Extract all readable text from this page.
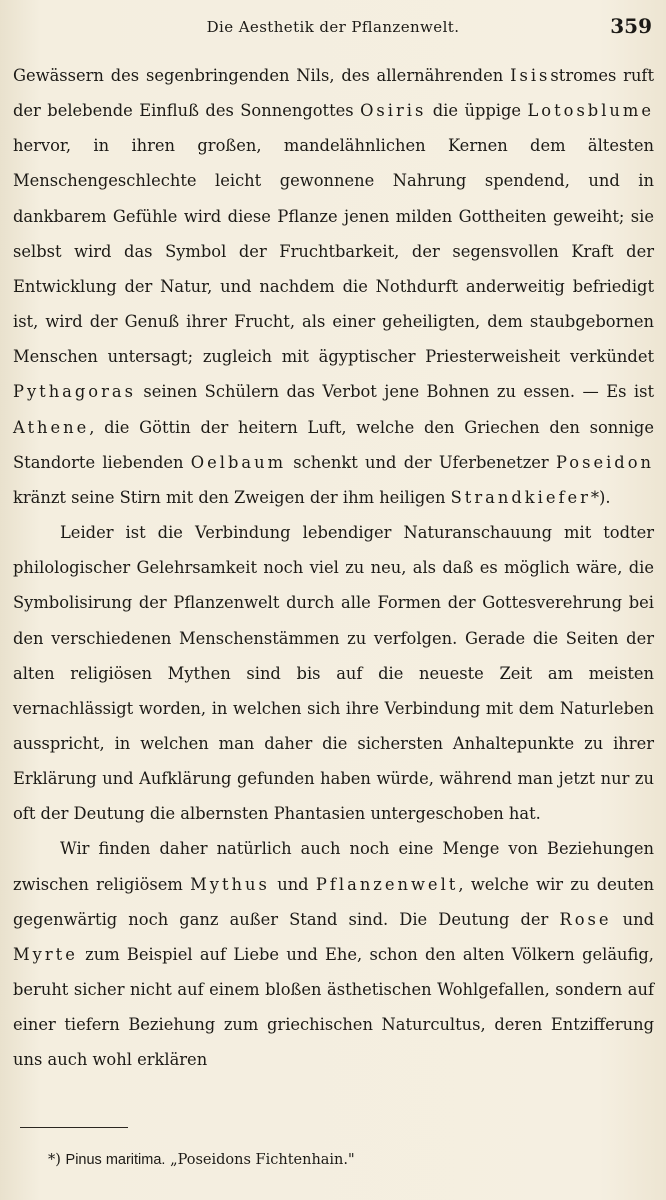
Die Aesthetik der Pflanzenwelt.	359

Gewässern des segenbringenden Nils, des allernährenden Isisstromes ruft der belebende Einfluß des Sonnengottes Osiris die üppige Lotosblume hervor, in ihren großen, mandelähnlichen Kernen dem ältesten Menschengeschlechte leicht gewonnene Nahrung spendend, und in dankbarem Gefühle wird diese Pflanze jenen milden Gottheiten geweiht; sie selbst wird das Symbol der Fruchtbarkeit, der segensvollen Kraft der Entwicklung der Natur, und nachdem die Nothdurft anderweitig befriedigt ist, wird der Genuß ihrer Frucht, als einer geheiligten, dem staubgebornen Menschen untersagt; zugleich mit ägyptischer Priesterweisheit verkündet Pythagoras seinen Schülern das Verbot jene Bohnen zu essen. — Es ist Athene, die Göttin der heitern Luft, welche den Griechen den sonnige Standorte liebenden Oelbaum schenkt und der Uferbenetzer Poseidon kränzt seine Stirn mit den Zweigen der ihm heiligen Strandkiefer*).

Leider ist die Verbindung lebendiger Naturanschauung mit todter philologischer Gelehrsamkeit noch viel zu neu, als daß es möglich wäre, die Symbolisirung der Pflanzenwelt durch alle Formen der Gottesverehrung bei den verschiedenen Menschenstämmen zu verfolgen. Gerade die Seiten der alten religiösen Mythen sind bis auf die neueste Zeit am meisten vernachlässigt worden, in welchen sich ihre Verbindung mit dem Naturleben ausspricht, in welchen man daher die sichersten Anhaltepunkte zu ihrer Erklärung und Aufklärung gefunden haben würde, während man jetzt nur zu oft der Deutung die albernsten Phantasien untergeschoben hat.

Wir finden daher natürlich auch noch eine Menge von Beziehungen zwischen religiösem Mythus und Pflanzenwelt, welche wir zu deuten gegenwärtig noch ganz außer Stand sind. Die Deutung der Rose und Myrte zum Beispiel auf Liebe und Ehe, schon den alten Völkern geläufig, beruht sicher nicht auf einem bloßen ästhetischen Wohlgefallen, sondern auf einer tiefern Beziehung zum griechischen Naturcultus, deren Entzifferung uns auch wohl erklären

*) Pinus maritima. „Poseidons Fichtenhain."
